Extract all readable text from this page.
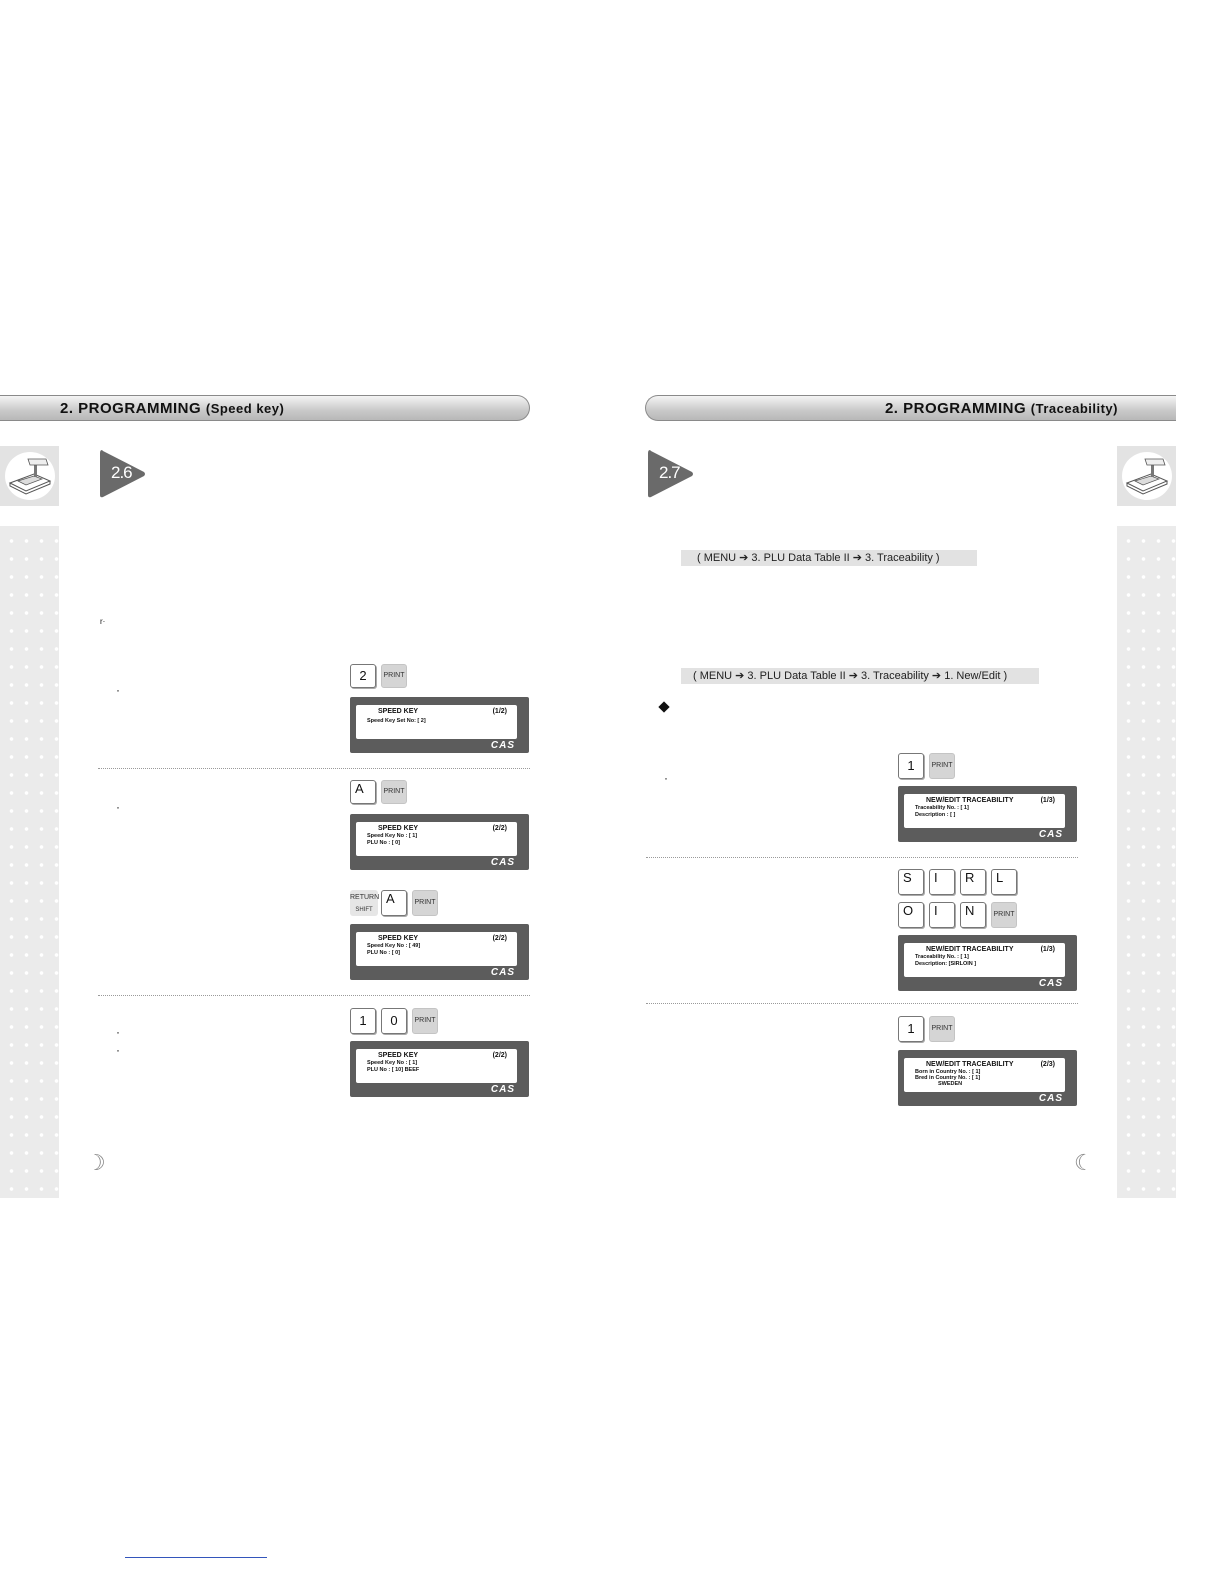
2. PROGRAMMING (Speed key)	2. PROGRAMMING (Traceability)
2.6	2.7
r·
·
2	PRINT
SPEED KEY	(1/2)
Speed Key Set No: [ 2]
CAS
·
A	PRINT
SPEED KEY	(2/2)
Speed Key No : [ 1]
PLU No : [ 0]
CAS
RETURN
SHIFT
A	PRINT
SPEED KEY	(2/2)
Speed Key No : [ 49]
PLU No : [ 0]
CAS
·
·
1	0	PRINT
SPEED KEY	(2/2)
Speed Key No : [ 1]
PLU No : [ 10] BEEF
CAS
( MENU ➔ 3. PLU Data Table II ➔ 3. Traceability )
( MENU ➔ 3. PLU Data Table II ➔ 3. Traceability ➔ 1. New/Edit )
·
1	PRINT
NEW/EDIT TRACEABILITY	(1/3)
Traceability No. : [ 1]
Description : [ ]
CAS
S	I	R	L
O	I	N	PRINT
NEW/EDIT TRACEABILITY	(1/3)
Traceability No. : [ 1]
Description: [SIRLOIN ]
CAS
1	PRINT
NEW/EDIT TRACEABILITY	(2/3)
Born in Country No. : [ 1]
Bred in Country No. : [ 1]
SWEDEN
CAS
☽	☾
